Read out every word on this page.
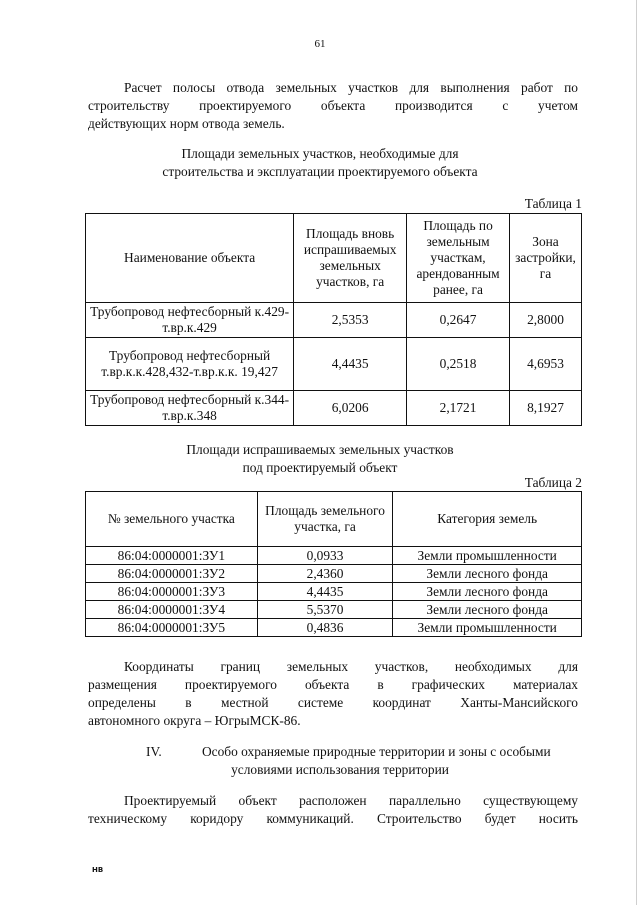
61
Расчет полосы отвода земельных участков для выполнения работ по
строительству проектируемого объекта производится с учетом
действующих норм отвода земель.
Площади земельных участков, необходимые для
строительства и эксплуатации проектируемого объекта
Таблица 1
Наименование объекта	Площадь вновь испрашиваемых земельных участков, га	Площадь по земельным участкам, арендованным ранее, га	Зона застройки, га
Трубопровод нефтесборный к.429-т.вр.к.429	2,5353	0,2647	2,8000
Трубопровод нефтесборный т.вр.к.к.428,432-т.вр.к.к. 19,427	4,4435	0,2518	4,6953
Трубопровод нефтесборный к.344-т.вр.к.348	6,0206	2,1721	8,1927
Площади испрашиваемых земельных участков
под проектируемый объект
Таблица 2
№ земельного участка	Площадь земельного участка, га	Категория земель
86:04:0000001:ЗУ1	0,0933	Земли промышленности
86:04:0000001:ЗУ2	2,4360	Земли лесного фонда
86:04:0000001:ЗУ3	4,4435	Земли лесного фонда
86:04:0000001:ЗУ4	5,5370	Земли лесного фонда
86:04:0000001:ЗУ5	0,4836	Земли промышленности
Координаты границ земельных участков, необходимых для
размещения проектируемого объекта в графических материалах
определены в местной системе координат Ханты-Мансийского
автономного округа – ЮгрыМСК-86.
IV.	Особо охраняемые природные территории и зоны с особыми
условиями использования территории
Проектируемый объект расположен параллельно существующему
техническому коридору коммуникаций. Строительство будет носить
НВ
